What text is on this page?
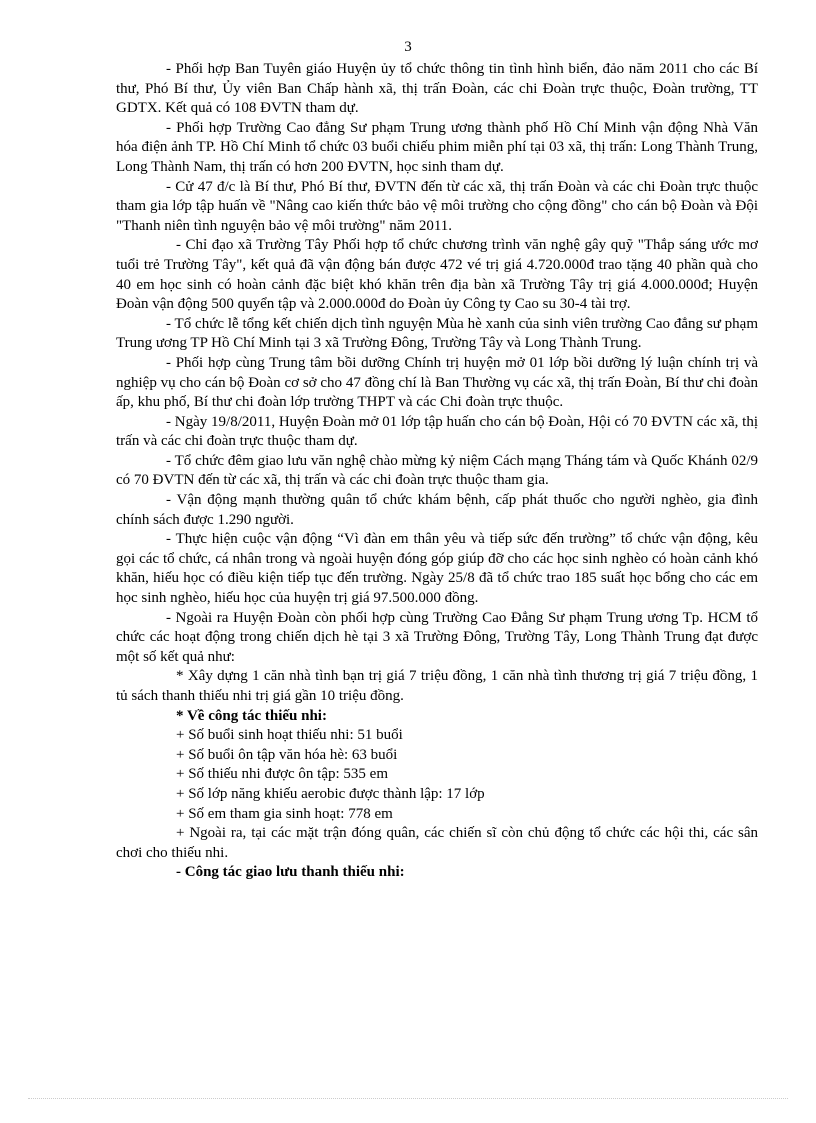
3

- Phối hợp Ban Tuyên giáo Huyện ủy tổ chức thông tin tình hình biển, đảo năm 2011 cho các Bí thư, Phó Bí thư, Ủy viên Ban Chấp hành xã, thị trấn Đoàn, các chi Đoàn trực thuộc, Đoàn trường, TT GDTX. Kết quả có 108 ĐVTN tham dự.

- Phối hợp Trường Cao đẳng Sư phạm Trung ương thành phố Hồ Chí Minh vận động Nhà Văn hóa điện ảnh TP. Hồ Chí Minh tổ chức 03 buổi chiếu phim miễn phí tại 03 xã, thị trấn: Long Thành Trung, Long Thành Nam, thị trấn có hơn 200 ĐVTN, học sinh tham dự.

- Cử 47 đ/c là Bí thư, Phó Bí thư, ĐVTN đến từ các xã, thị trấn Đoàn và các chi Đoàn trực thuộc tham gia lớp tập huấn về "Nâng cao kiến thức bảo vệ môi trường cho cộng đồng" cho cán bộ Đoàn và Đội "Thanh niên tình nguyện bảo vệ môi trường" năm 2011.

- Chỉ đạo xã Trường Tây Phối hợp tổ chức chương trình văn nghệ gây quỹ "Thắp sáng ước mơ tuổi trẻ Trường Tây", kết quả đã vận động bán được 472 vé trị giá 4.720.000đ trao tặng 40 phần quà cho 40 em học sinh có hoàn cảnh đặc biệt khó khăn trên địa bàn xã Trường Tây trị giá 4.000.000đ; Huyện Đoàn vận động 500 quyển tập và 2.000.000đ do Đoàn ủy Công ty Cao su 30-4 tài trợ.

- Tổ chức lễ tổng kết chiến dịch tình nguyện Mùa hè xanh của sinh viên trường Cao đẳng sư phạm Trung ương TP Hồ Chí Minh tại 3 xã Trường Đông, Trường Tây và Long Thành Trung.

- Phối hợp cùng Trung tâm bồi dưỡng Chính trị huyện mở 01 lớp bồi dưỡng lý luận chính trị và nghiệp vụ cho cán bộ Đoàn cơ sở cho 47 đồng chí là Ban Thường vụ các xã, thị trấn Đoàn, Bí thư chi đoàn ấp, khu phố, Bí thư chi đoàn lớp trường THPT và các Chi đoàn trực thuộc.

- Ngày 19/8/2011, Huyện Đoàn mở 01 lớp tập huấn cho cán bộ Đoàn, Hội có 70 ĐVTN các xã, thị trấn và các chi đoàn trực thuộc tham dự.

- Tổ chức đêm giao lưu văn nghệ chào mừng kỷ niệm Cách mạng Tháng tám và Quốc Khánh 02/9 có 70 ĐVTN đến từ các xã, thị trấn và các chi đoàn trực thuộc tham gia.

- Vận động mạnh thường quân tổ chức khám bệnh, cấp phát thuốc cho người nghèo, gia đình chính sách được 1.290 người.

- Thực hiện cuộc vận động “Vì đàn em thân yêu và tiếp sức đến trường” tổ chức vận động, kêu gọi các tổ chức, cá nhân trong và ngoài huyện đóng góp giúp đỡ cho các học sinh nghèo có hoàn cảnh khó khăn, hiếu học có điều kiện tiếp tục đến trường. Ngày 25/8 đã tổ chức trao 185 suất học bổng cho các em học sinh nghèo, hiếu học của huyện trị giá 97.500.000 đồng.

- Ngoài ra Huyện Đoàn còn phối hợp cùng Trường Cao Đẳng Sư phạm Trung ương Tp. HCM tổ chức các hoạt động trong chiến dịch hè tại 3 xã Trường Đông, Trường Tây, Long Thành Trung đạt được một số kết quả như:

* Xây dựng 1 căn nhà tình bạn trị giá 7 triệu đồng, 1 căn nhà tình thương trị giá 7 triệu đồng, 1 tủ sách thanh thiếu nhi trị giá gần 10 triệu đồng.

* Về công tác thiếu nhi:

+ Số buổi sinh hoạt thiếu nhi: 51 buổi

+ Số buổi ôn tập văn hóa hè: 63 buổi

+ Số thiếu nhi được ôn tập: 535 em

+ Số lớp năng khiếu aerobic được thành lập: 17 lớp

+ Số em tham gia sinh hoạt: 778 em

+ Ngoài ra, tại các mặt trận đóng quân, các chiến sĩ còn chủ động tổ chức các hội thi, các sân chơi cho thiếu nhi.

- Công tác giao lưu thanh thiếu nhi:
